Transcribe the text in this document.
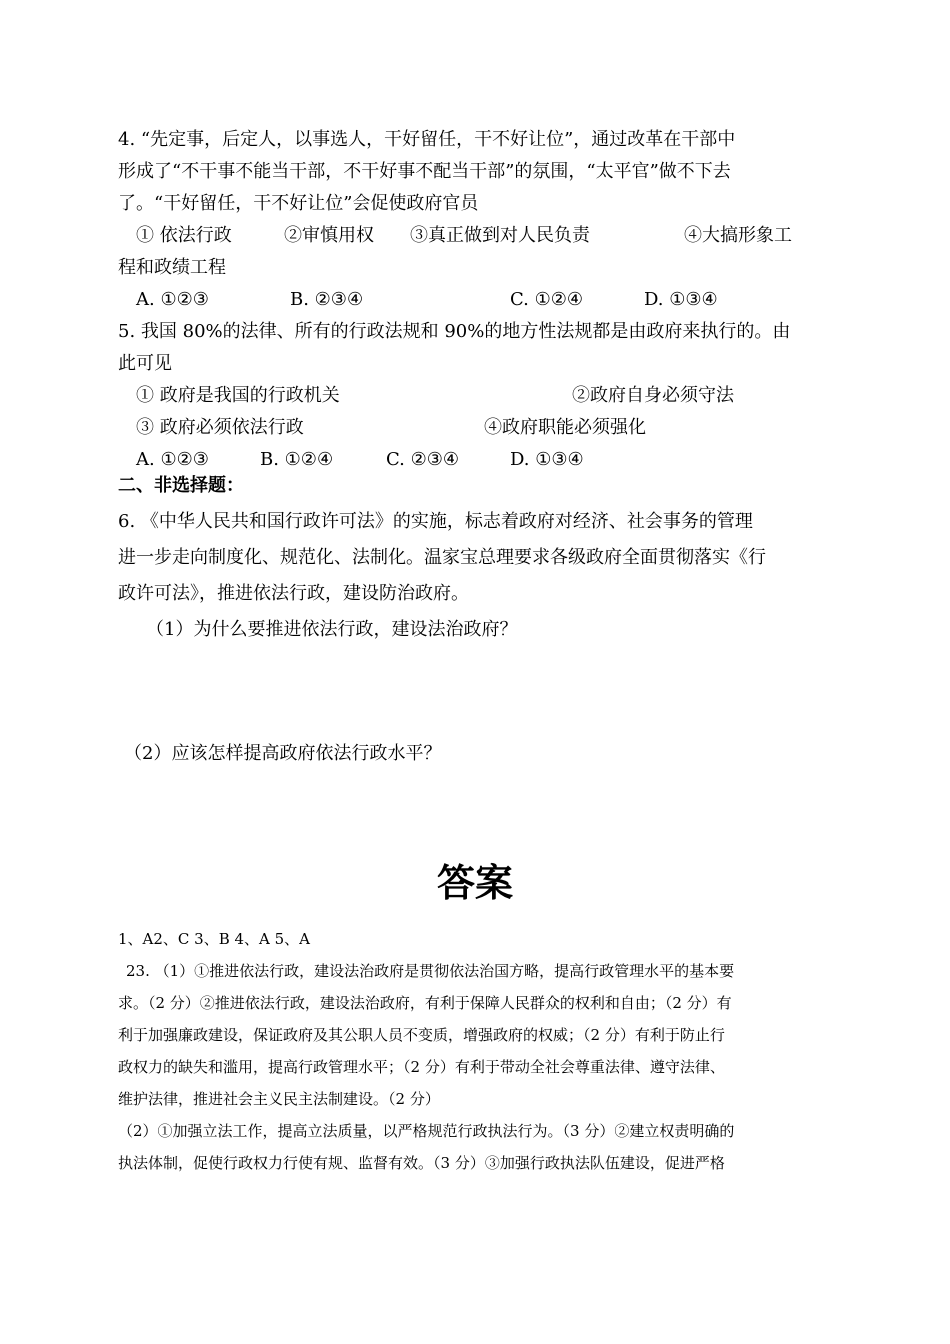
4. “先定事，后定人，以事选人，干好留任，干不好让位”，通过改革在干部中
形成了“不干事不能当干部，不干好事不配当干部”的氛围，“太平官”做不下去
了。“干好留任，干不好让位”会促使政府官员
① 依法行政	②审慎用权 ③真正做到对人民负责	④大搞形象工
程和政绩工程
A. ①②③	B. ②③④	C. ①②④	D. ①③④
5. 我国 80%的法律、所有的行政法规和 90%的地方性法规都是由政府来执行的。由
此可见
① 政府是我国的行政机关	②政府自身必须守法
③ 政府必须依法行政	④政府职能必须强化
A. ①②③	B. ①②④	C. ②③④	D. ①③④
二、非选择题：
6. 《中华人民共和国行政许可法》的实施，标志着政府对经济、社会事务的管理
进一步走向制度化、规范化、法制化。温家宝总理要求各级政府全面贯彻落实《行
政许可法》，推进依法行政，建设防治政府。
（1）为什么要推进依法行政，建设法治政府？
（2）应该怎样提高政府依法行政水平？
答案
1、A2、C 3、B 4、A 5、A
23. （1）①推进依法行政，建设法治政府是贯彻依法治国方略，提高行政管理水平的基本要
求。（2 分）②推进依法行政，建设法治政府，有利于保障人民群众的权利和自由；（2 分）有
利于加强廉政建设，保证政府及其公职人员不变质，增强政府的权威；（2 分）有利于防止行
政权力的缺失和滥用，提高行政管理水平；（2 分）有利于带动全社会尊重法律、遵守法律、
维护法律，推进社会主义民主法制建设。（2 分）
（2）①加强立法工作，提高立法质量，以严格规范行政执法行为。（3 分）②建立权责明确的
执法体制，促使行政权力行使有规、监督有效。（3 分）③加强行政执法队伍建设，促进严格
